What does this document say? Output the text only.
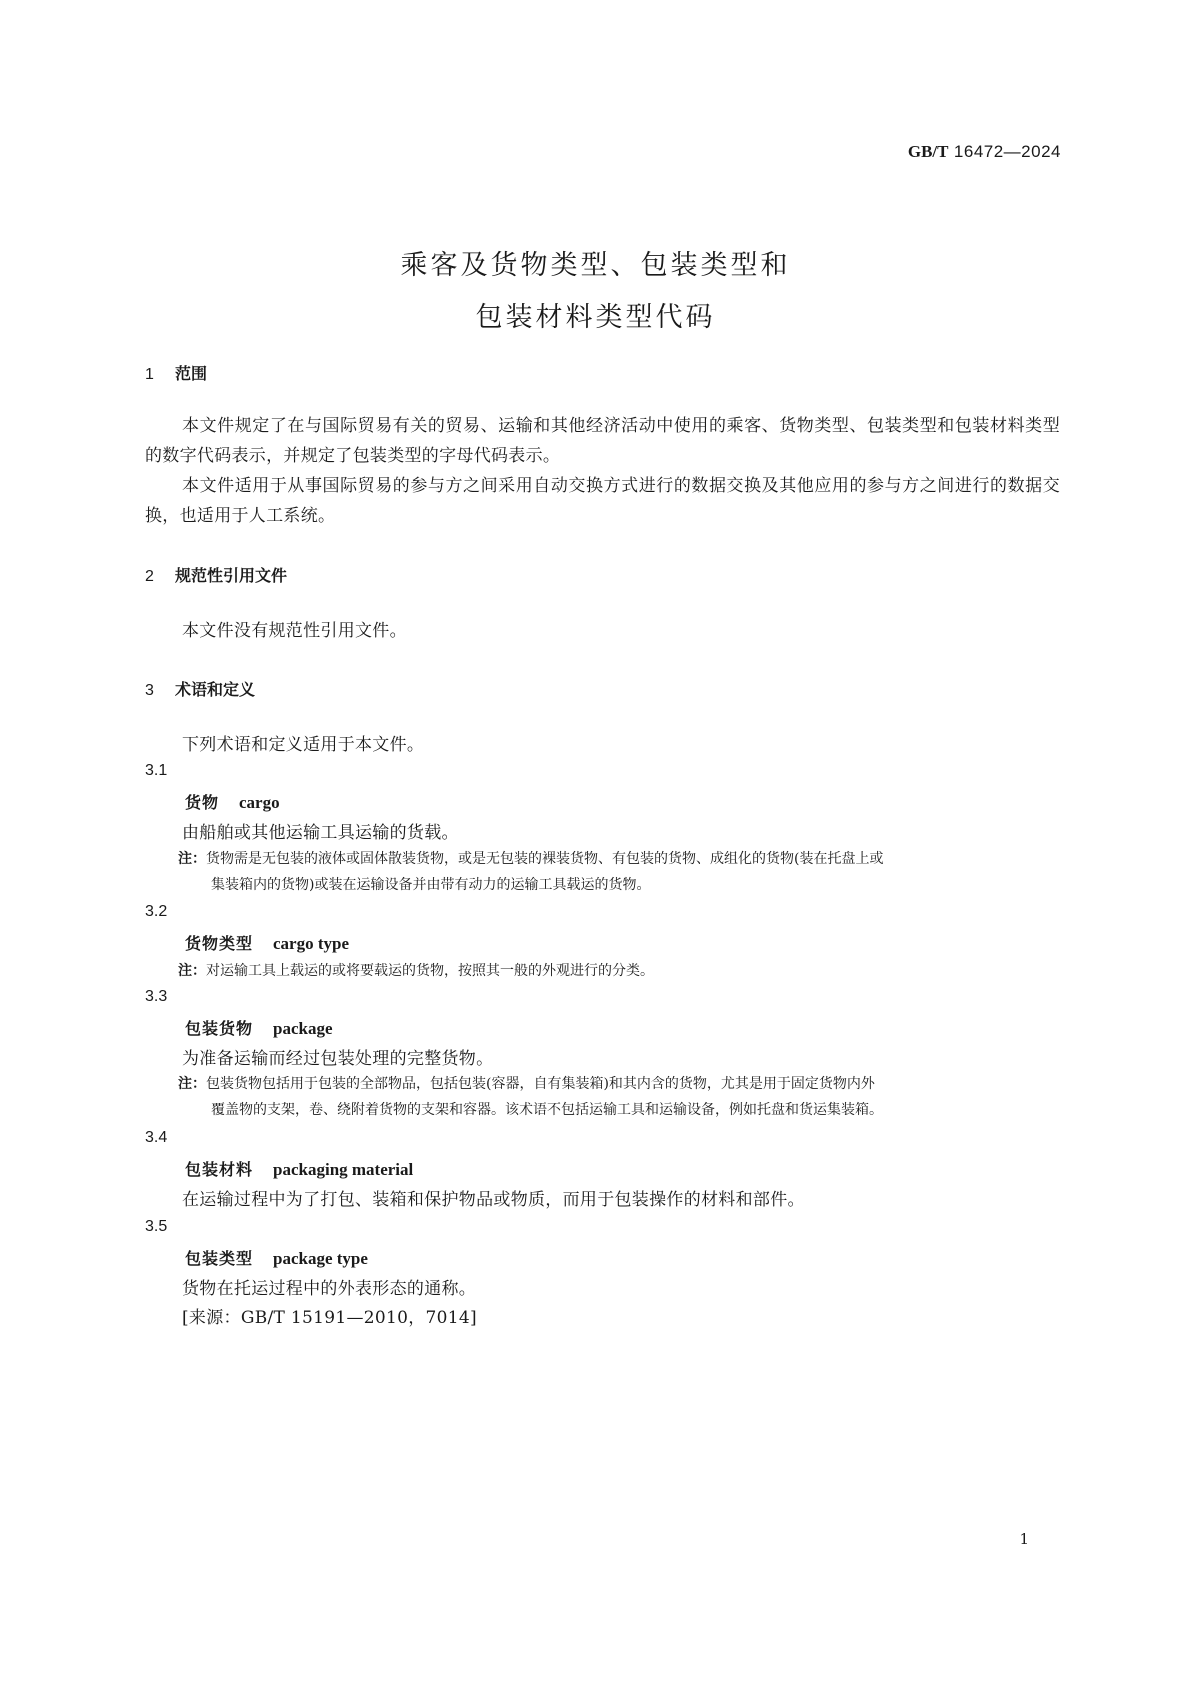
GB/T 16472—2024
乘客及货物类型、包装类型和
包装材料类型代码
1 范围
本文件规定了在与国际贸易有关的贸易、运输和其他经济活动中使用的乘客、货物类型、包装类型和包装材料类型的数字代码表示，并规定了包装类型的字母代码表示。
本文件适用于从事国际贸易的参与方之间采用自动交换方式进行的数据交换及其他应用的参与方之间进行的数据交换，也适用于人工系统。
2 规范性引用文件
本文件没有规范性引用文件。
3 术语和定义
下列术语和定义适用于本文件。
3.1
货物 cargo
由船舶或其他运输工具运输的货载。
注：货物需是无包装的液体或固体散装货物，或是无包装的裸装货物、有包装的货物、成组化的货物(装在托盘上或
集装箱内的货物)或装在运输设备并由带有动力的运输工具载运的货物。
3.2
货物类型 cargo type
注：对运输工具上载运的或将要载运的货物，按照其一般的外观进行的分类。
3.3
包装货物 package
为准备运输而经过包装处理的完整货物。
注：包装货物包括用于包装的全部物品，包括包装(容器，自有集装箱)和其内含的货物，尤其是用于固定货物内外
覆盖物的支架，卷、绕附着货物的支架和容器。该术语不包括运输工具和运输设备，例如托盘和货运集装箱。
3.4
包装材料 packaging material
在运输过程中为了打包、装箱和保护物品或物质，而用于包装操作的材料和部件。
3.5
包装类型 package type
货物在托运过程中的外表形态的通称。
[来源：GB/T 15191—2010，7014]
1
